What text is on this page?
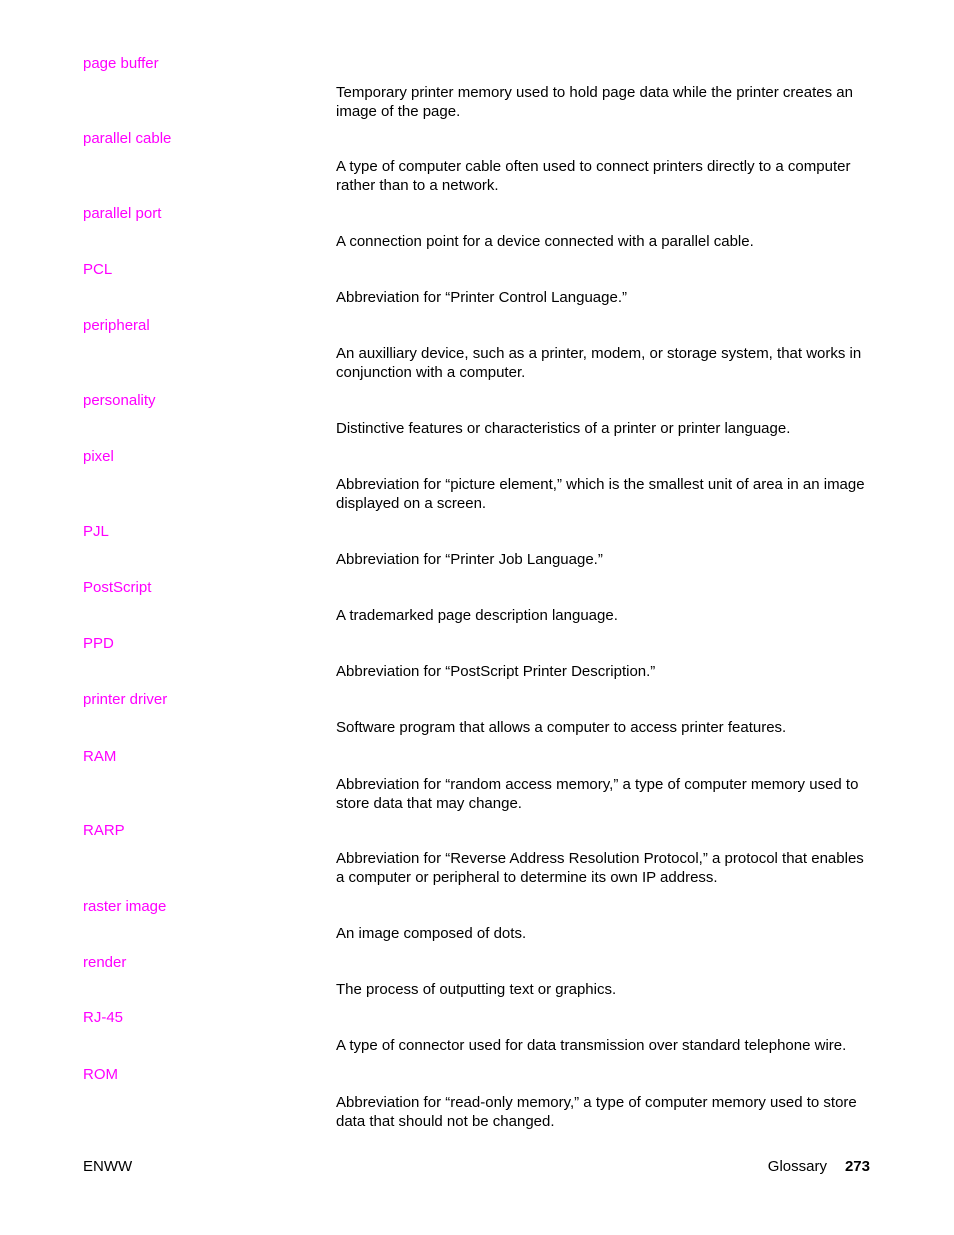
page buffer
Temporary printer memory used to hold page data while the printer creates an image of the page.
parallel cable
A type of computer cable often used to connect printers directly to a computer rather than to a network.
parallel port
A connection point for a device connected with a parallel cable.
PCL
Abbreviation for “Printer Control Language.”
peripheral
An auxilliary device, such as a printer, modem, or storage system, that works in conjunction with a computer.
personality
Distinctive features or characteristics of a printer or printer language.
pixel
Abbreviation for “picture element,” which is the smallest unit of area in an image displayed on a screen.
PJL
Abbreviation for “Printer Job Language.”
PostScript
A trademarked page description language.
PPD
Abbreviation for “PostScript Printer Description.”
printer driver
Software program that allows a computer to access printer features.
RAM
Abbreviation for “random access memory,” a type of computer memory used to store data that may change.
RARP
Abbreviation for “Reverse Address Resolution Protocol,” a protocol that enables a computer or peripheral to determine its own IP address.
raster image
An image composed of dots.
render
The process of outputting text or graphics.
RJ-45
A type of connector used for data transmission over standard telephone wire.
ROM
Abbreviation for “read-only memory,” a type of computer memory used to store data that should not be changed.
ENWW	Glossary 273
